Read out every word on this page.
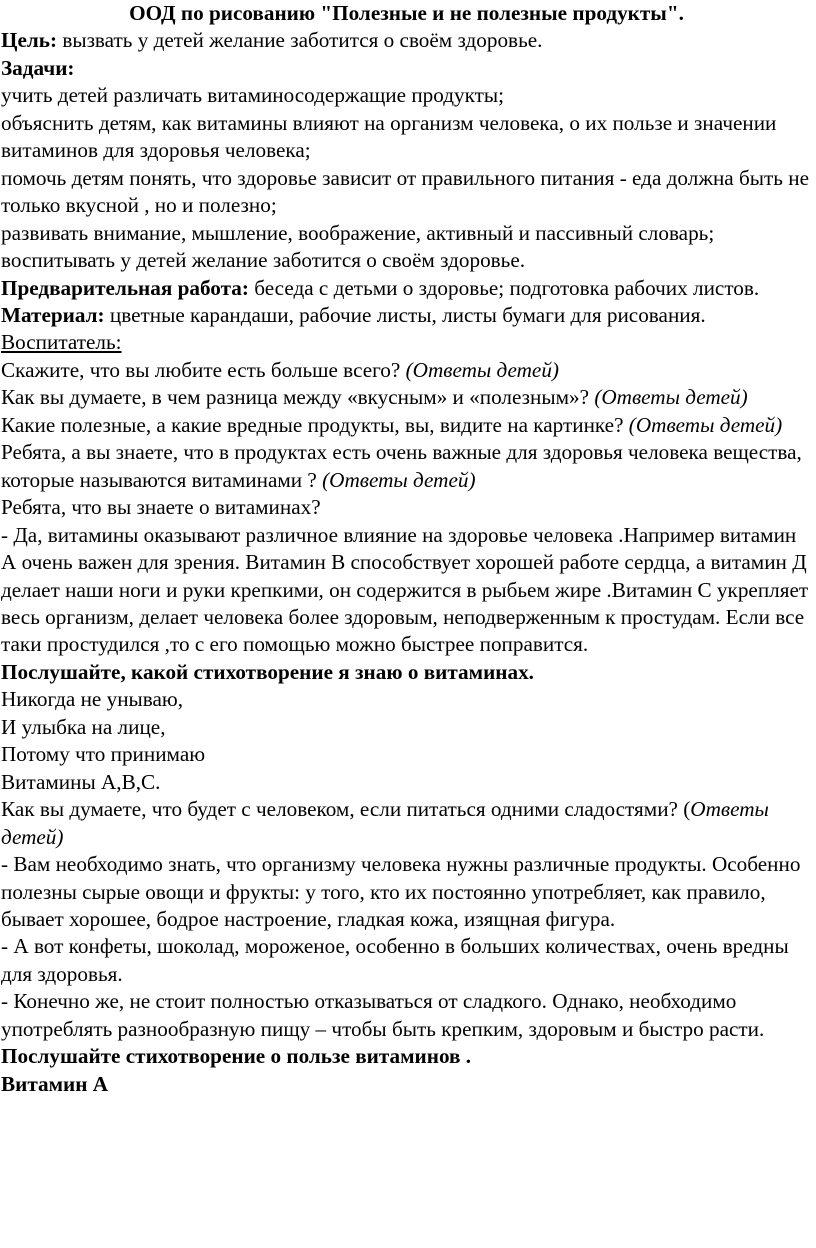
ООД по рисованию "Полезные и не полезные продукты".
Цель: вызвать у детей желание заботится о своём здоровье.
Задачи:
учить детей различать витаминосодержащие продукты;
объяснить детям, как витамины влияют на организм человека, о их пользе и значении витаминов для здоровья человека;
помочь детям понять, что здоровье зависит от правильного питания - еда должна быть не только вкусной , но и полезно;
развивать внимание, мышление, воображение, активный и пассивный словарь;
воспитывать у детей желание заботится о своём здоровье.
Предварительная работа: беседа с детьми о здоровье; подготовка рабочих листов.
Материал: цветные карандаши, рабочие листы, листы бумаги для рисования.
Воспитатель:
Скажите, что вы любите есть больше всего? (Ответы детей)
Как вы думаете, в чем разница между «вкусным» и «полезным»? (Ответы детей)
Какие полезные, а какие вредные продукты, вы, видите на картинке? (Ответы детей)
Ребята, а вы знаете, что в продуктах есть очень важные для здоровья человека вещества, которые называются витаминами ? (Ответы детей)
Ребята, что вы знаете о витаминах?
- Да, витамины оказывают различное влияние на здоровье человека .Например витамин А очень важен для зрения. Витамин В способствует хорошей работе сердца, а витамин Д делает наши ноги и руки крепкими, он содержится в рыбьем жире .Витамин С укрепляет весь организм, делает человека более здоровым, неподверженным к простудам. Если все таки простудился ,то с его помощью можно быстрее поправится.
Послушайте, какой стихотворение я знаю о витаминах.
Никогда не унываю,
И улыбка на лице,
Потому что принимаю
Витамины А,В,С.
Как вы думаете, что будет с человеком, если питаться одними сладостями? (Ответы детей)
- Вам необходимо знать, что организму человека нужны различные продукты. Особенно полезны сырые овощи и фрукты: у того, кто их постоянно употребляет, как правило, бывает хорошее, бодрое настроение, гладкая кожа, изящная фигура.
- А вот конфеты, шоколад, мороженое, особенно в больших количествах, очень вредны для здоровья.
- Конечно же, не стоит полностью отказываться от сладкого. Однако, необходимо употреблять разнообразную пищу – чтобы быть крепким, здоровым и быстро расти.
Послушайте стихотворение о пользе витаминов .
Витамин А
